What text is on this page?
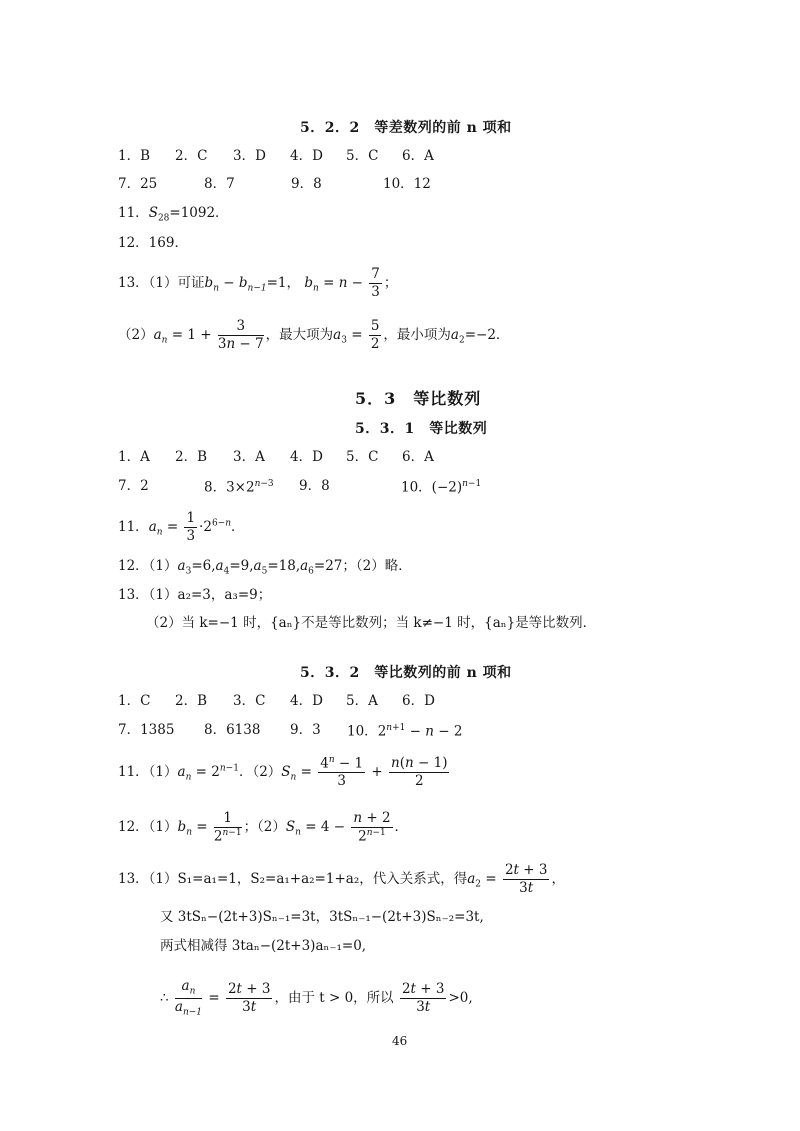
5．2．2　等差数列的前 n 项和
1．B 2．C 3．D 4．D 5．C 6．A
7．25	8．7	9．8	10．12
11．$S_{28}=1092$．
12．169．
13．（1）可证$b_n - b_{n-1}=1$， $b_n = n - \frac{7}{3}$ ；
$(2)a_n = 1 + \frac{3}{3n - 7}$ ，最大项为$a_3 = \frac{5}{2}$ ，最小项为$a_2=-2$．
5．3　等比数列
5．3．1　等比数列
1．A 2．B 3．A 4．D 5．C 6．A
7．2	8．$3\times 2^{n-3}$ 9．8	10．$(-2)^{n-1}$
11．$a_n = \frac{1}{3} \cdot 2^{6-n}$．
12．$(1)a_3=6,a_4=9,a_5=18,a_6=27$；（2）略．
13．（1）a₂=3，a₃=9；
（2）当 k=−1 时，{aₙ}不是等比数列；当 k≠−1 时，{aₙ}是等比数列．
5．3．2　等比数列的前 n 项和
1．C 2．B 3．C 4．D 5．A 6．D
7．1385 8．6138 9．3 10．$2^{n+1} - n - 2$
11．$(1)a_n = 2^{n-1}$．$(2)S_n = \frac{4^n - 1}{3} + \frac{n(n - 1)}{2}$
12．$(1)b_n = \frac{1}{2^{n-1}}$ ；$(2)S_n = 4 - \frac{n + 2}{2^{n-1}}$ ．
13．（1）S₁=a₁=1，S₂=a₁+a₂=1+a₂，代入关系式，得$a_2 = \frac{2t + 3}{3t}$ ，
又 3tSₙ−(2t+3)Sₙ₋₁=3t，3tSₙ₋₁−(2t+3)Sₙ₋₂=3t,
两式相减得 3taₙ−(2t+3)aₙ₋₁=0,
∴ $\frac{a_n}{a_{n-1}} = \frac{2t + 3}{3t}$ ，由于 t > 0，所以 $\frac{2t + 3}{3t} >0$,
46
